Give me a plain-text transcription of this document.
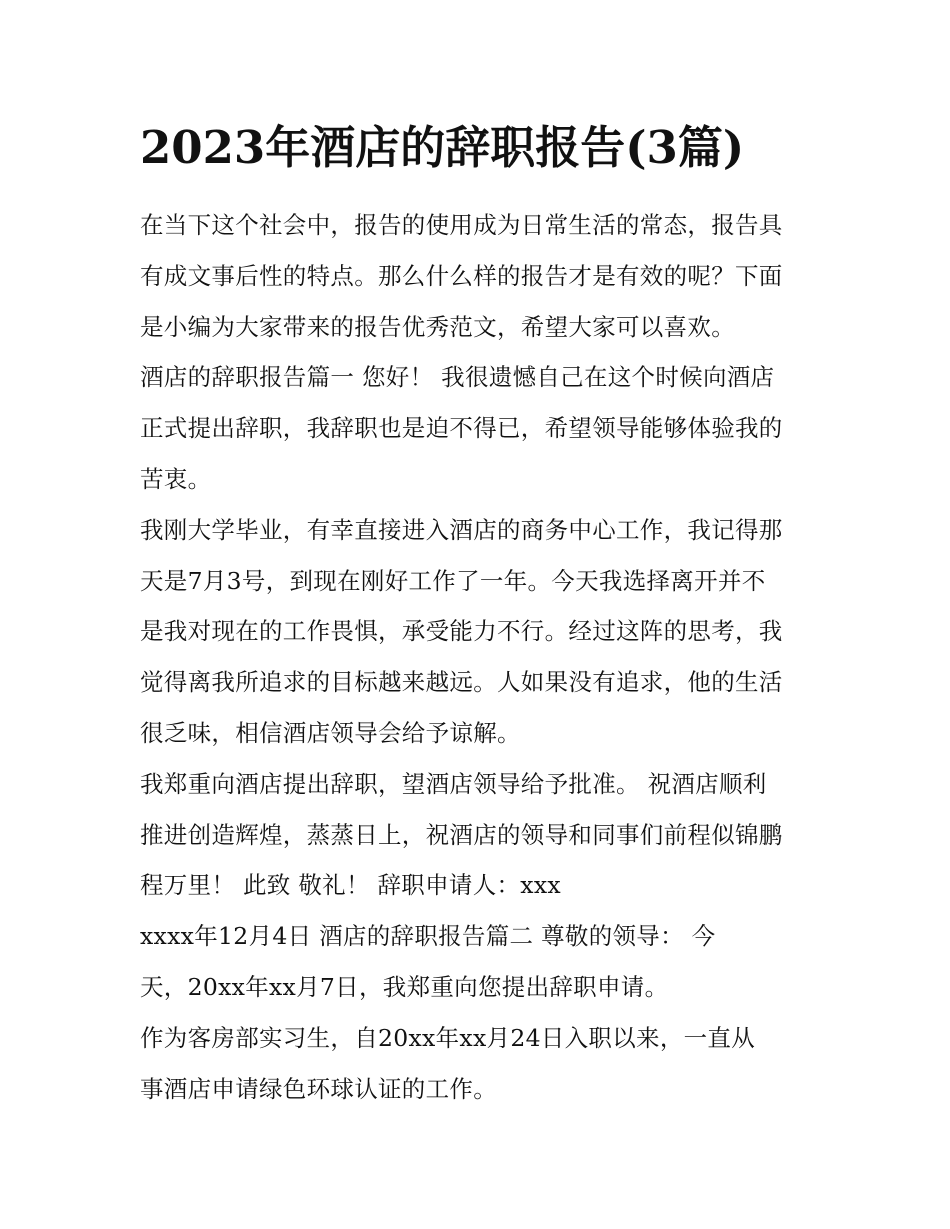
2023年酒店的辞职报告(3篇)

在当下这个社会中，报告的使用成为日常生活的常态，报告具

有成文事后性的特点。那么什么样的报告才是有效的呢？下面

是小编为大家带来的报告优秀范文，希望大家可以喜欢。

酒店的辞职报告篇一 您好！ 我很遗憾自己在这个时候向酒店

正式提出辞职，我辞职也是迫不得已，希望领导能够体验我的

苦衷。

我刚大学毕业，有幸直接进入酒店的商务中心工作，我记得那

天是7月3号，到现在刚好工作了一年。今天我选择离开并不

是我对现在的工作畏惧，承受能力不行。经过这阵的思考，我

觉得离我所追求的目标越来越远。人如果没有追求，他的生活

很乏味，相信酒店领导会给予谅解。

我郑重向酒店提出辞职，望酒店领导给予批准。 祝酒店顺利

推进创造辉煌，蒸蒸日上，祝酒店的领导和同事们前程似锦鹏

程万里！ 此致 敬礼！ 辞职申请人：xxx

xxxx年12月4日 酒店的辞职报告篇二 尊敬的领导： 今

天，20xx年xx月7日，我郑重向您提出辞职申请。

作为客房部实习生，自20xx年xx月24日入职以来，一直从

事酒店申请绿色环球认证的工作。
